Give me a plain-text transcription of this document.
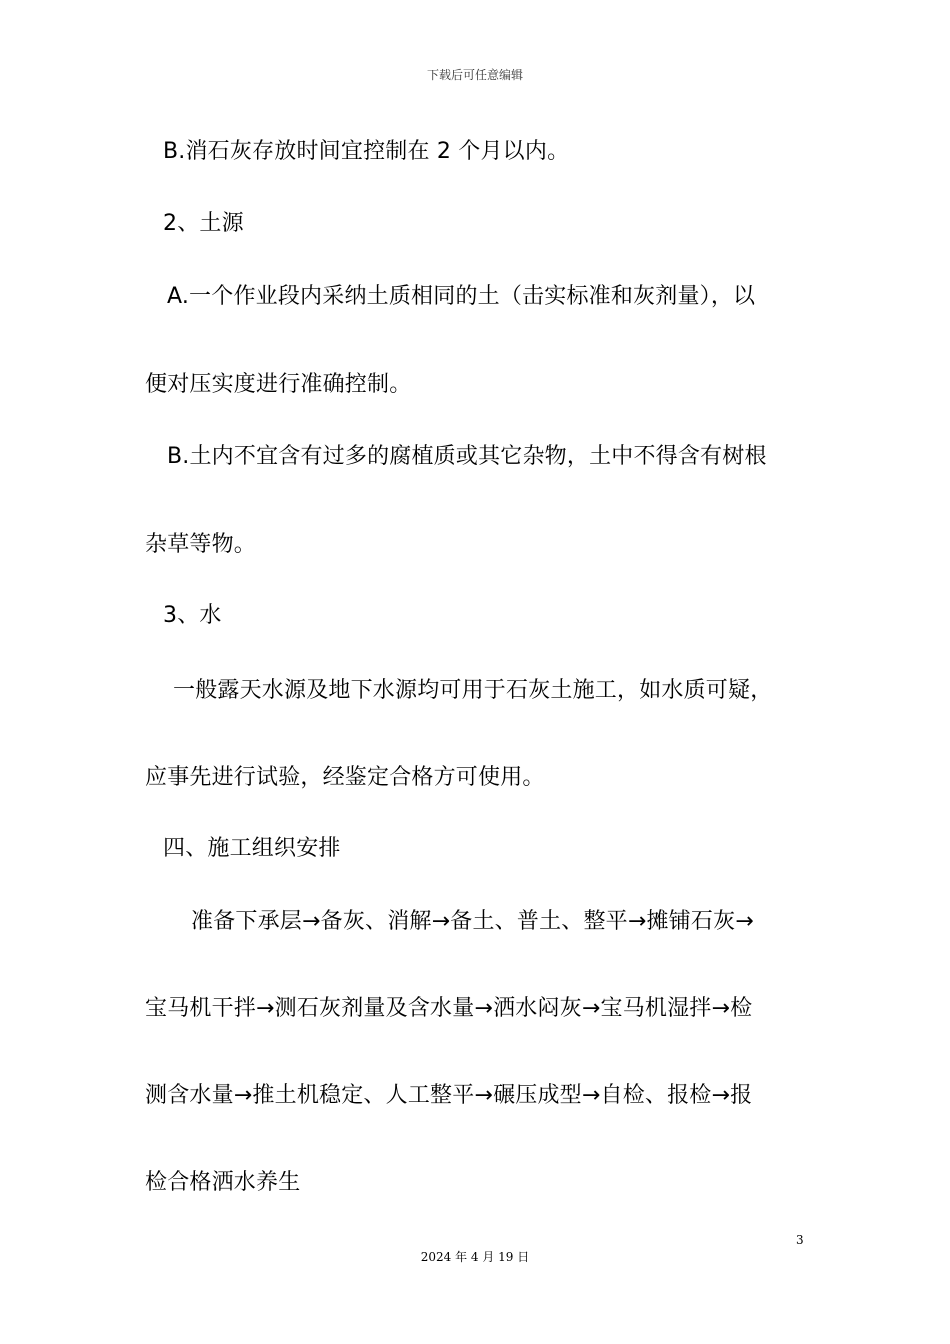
下载后可任意编辑
B.消石灰存放时间宜控制在 2 个月以内。
2、土源
A.一个作业段内采纳土质相同的土（击实标准和灰剂量），以
便对压实度进行准确控制。
B.土内不宜含有过多的腐植质或其它杂物，土中不得含有树根
杂草等物。
3、水
一般露天水源及地下水源均可用于石灰土施工，如水质可疑，
应事先进行试验，经鉴定合格方可使用。
四、施工组织安排
准备下承层→备灰、消解→备土、普土、整平→摊铺石灰→
宝马机干拌→测石灰剂量及含水量→洒水闷灰→宝马机湿拌→检
测含水量→推土机稳定、人工整平→碾压成型→自检、报检→报
检合格洒水养生
3
2024 年 4 月 19 日
